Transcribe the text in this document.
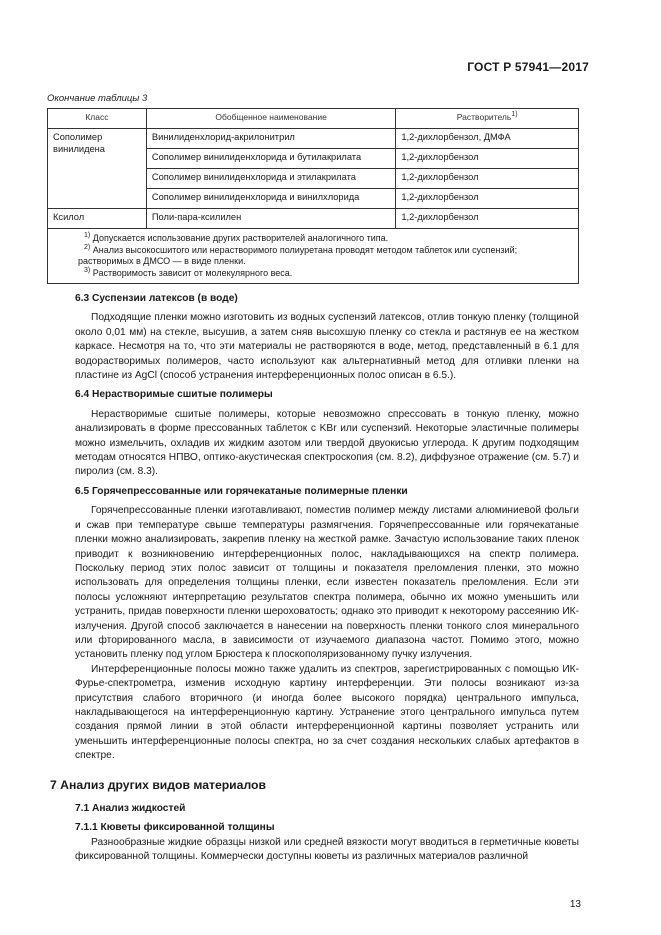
ГОСТ Р 57941—2017
Окончание таблицы 3
Класс	Обобщенное наименование	Растворитель$^{1)}$
Сополимер винилидена	Винилиденхлорид-акрилонитрил	1,2-дихлорбензол, ДМФА
	Сополимер винилиденхлорида и бутилакрилата	1,2-дихлорбензол
	Сополимер винилиденхлорида и этилакрилата	1,2-дихлорбензол
	Сополимер винилиденхлорида и винилхлорида	1,2-дихлорбензол
Ксилол	Поли-пара-ксилилен	1,2-дихлорбензол

$^{1)}$ Допускается использование других растворителей аналогичного типа.
$^{2)}$ Анализ высокосшитого или нерастворимого полиуретана проводят методом таблеток или суспензий; растворимых в ДМСО — в виде пленки.
$^{3)}$ Растворимость зависит от молекулярного веса.		

6.3 Суспензии латексов (в воде)

Подходящие пленки можно изготовить из водных суспензий латексов, отлив тонкую пленку (толщиной около 0,01 мм) на стекле, высушив, а затем сняв высохшую пленку со стекла и растянув ее на жестком каркасе. Несмотря на то, что эти материалы не растворяются в воде, метод, представленный в 6.1 для водорастворимых полимеров, часто используют как альтернативный метод для отливки пленки на пластине из AgCl (способ устранения интерференционных полос описан в 6.5.).

6.4 Нерастворимые сшитые полимеры

Нерастворимые сшитые полимеры, которые невозможно спрессовать в тонкую пленку, можно анализировать в форме прессованных таблеток с KBr или суспензий. Некоторые эластичные полимеры можно измельчить, охладив их жидким азотом или твердой двуокисью углерода. К другим подходящим методам относятся НПВО, оптико-акустическая спектроскопия (см. 8.2), диффузное отражение (см. 5.7) и пиролиз (см. 8.3).

6.5 Горячепрессованные или горячекатаные полимерные пленки

Горячепрессованные пленки изготавливают, поместив полимер между листами алюминиевой фольги и сжав при температуре свыше температуры размягчения. Горячепрессованные или горячекатаные пленки можно анализировать, закрепив пленку на жесткой рамке. Зачастую использование таких пленок приводит к возникновению интерференционных полос, накладывающихся на спектр полимера. Поскольку период этих полос зависит от толщины и показателя преломления пленки, это можно использовать для определения толщины пленки, если известен показатель преломления. Если эти полосы усложняют интерпретацию результатов спектра полимера, обычно их можно уменьшить или устранить, придав поверхности пленки шероховатость; однако это приводит к некоторому рассеянию ИК-излучения. Другой способ заключается в нанесении на поверхность пленки тонкого слоя минерального или фторированного масла, в зависимости от изучаемого диапазона частот. Помимо этого, можно установить пленку под углом Брюстера к плоскополяризованному пучку излучения.

Интерференционные полосы можно также удалить из спектров, зарегистрированных с помощью ИК-Фурье-спектрометра, изменив исходную картину интерференции. Эти полосы возникают из-за присутствия слабого вторичного (и иногда более высокого порядка) центрального импульса, накладывающегося на интерференционную картину. Устранение этого центрального импульса путем создания прямой линии в этой области интерференционной картины позволяет устранить или уменьшить интерференционные полосы спектра, но за счет создания нескольких слабых артефактов в спектре.

7 Анализ других видов материалов

7.1 Анализ жидкостей

7.1.1 Кюветы фиксированной толщины

Разнообразные жидкие образцы низкой или средней вязкости могут вводиться в герметичные кюветы фиксированной толщины. Коммерчески доступны кюветы из различных материалов различной

13
